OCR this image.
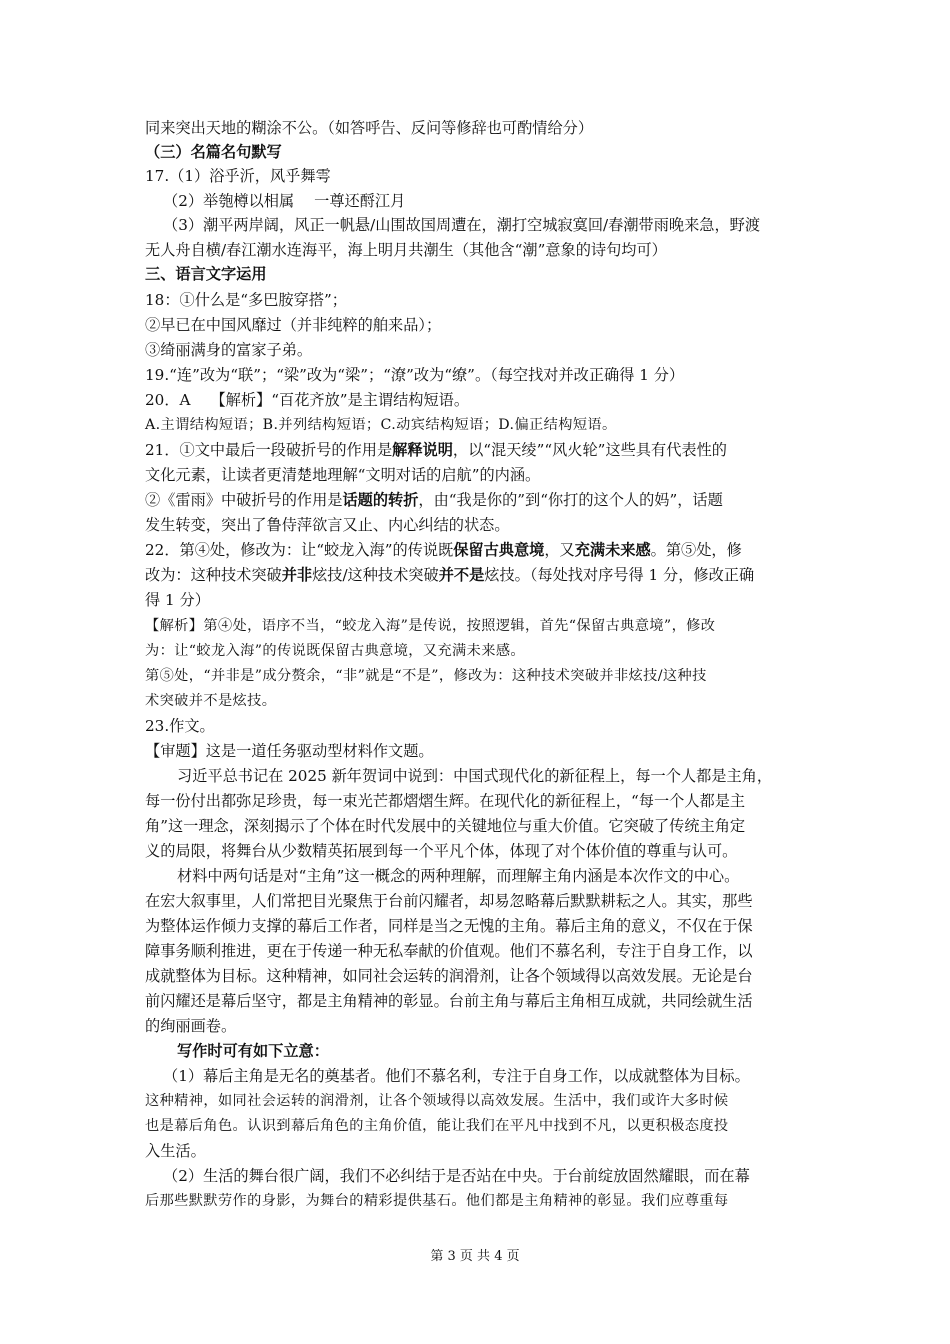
同来突出天地的糊涂不公。（如答呼告、反问等修辞也可酌情给分）
（三）名篇名句默写
17.（1）浴乎沂，风乎舞雩
（2）举匏樽以相属　 一尊还酹江月
（3）潮平两岸阔，风正一帆悬/山围故国周遭在，潮打空城寂寞回/春潮带雨晚来急，野渡
无人舟自横/春江潮水连海平，海上明月共潮生（其他含“潮”意象的诗句均可）
三、语言文字运用
18：①什么是“多巴胺穿搭”；
②早已在中国风靡过（并非纯粹的舶来品）；
③绮丽满身的富家子弟。
19.“连”改为“联”；“梁”改为“梁”；“潦”改为“缭”。（每空找对并改正确得 1 分）
20．A　 【解析】“百花齐放”是主谓结构短语。
A.主谓结构短语；B.并列结构短语；C.动宾结构短语；D.偏正结构短语。
21．①文中最后一段破折号的作用是解释说明，以“混天绫”“风火轮”这些具有代表性的
文化元素，让读者更清楚地理解“文明对话的启航”的内涵。
②《雷雨》中破折号的作用是话题的转折，由“我是你的”到“你打的这个人的妈”，话题
发生转变，突出了鲁侍萍欲言又止、内心纠结的状态。
22．第④处，修改为：让“蛟龙入海”的传说既保留古典意境，又充满未来感。第⑤处，修
改为：这种技术突破并非炫技/这种技术突破并不是炫技。（每处找对序号得 1 分，修改正确
得 1 分）
【解析】第④处，语序不当，“蛟龙入海”是传说，按照逻辑，首先“保留古典意境”，修改
为：让“蛟龙入海”的传说既保留古典意境，又充满未来感。
第⑤处，“并非是”成分赘余，“非”就是“不是”，修改为：这种技术突破并非炫技/这种技
术突破并不是炫技。
23.作文。
【审题】这是一道任务驱动型材料作文题。
习近平总书记在 2025 新年贺词中说到：中国式现代化的新征程上，每一个人都是主角，
每一份付出都弥足珍贵，每一束光芒都熠熠生辉。在现代化的新征程上，“每一个人都是主
角”这一理念，深刻揭示了个体在时代发展中的关键地位与重大价值。它突破了传统主角定
义的局限，将舞台从少数精英拓展到每一个平凡个体，体现了对个体价值的尊重与认可。
材料中两句话是对“主角”这一概念的两种理解，而理解主角内涵是本次作文的中心。
在宏大叙事里，人们常把目光聚焦于台前闪耀者，却易忽略幕后默默耕耘之人。其实，那些
为整体运作倾力支撑的幕后工作者，同样是当之无愧的主角。幕后主角的意义，不仅在于保
障事务顺利推进，更在于传递一种无私奉献的价值观。他们不慕名利，专注于自身工作，以
成就整体为目标。这种精神，如同社会运转的润滑剂，让各个领域得以高效发展。无论是台
前闪耀还是幕后坚守，都是主角精神的彰显。台前主角与幕后主角相互成就，共同绘就生活
的绚丽画卷。
写作时可有如下立意：
（1）幕后主角是无名的奠基者。他们不慕名利，专注于自身工作，以成就整体为目标。
这种精神，如同社会运转的润滑剂，让各个领域得以高效发展。生活中，我们或许大多时候
也是幕后角色。认识到幕后角色的主角价值，能让我们在平凡中找到不凡，以更积极态度投
入生活。
（2）生活的舞台很广阔，我们不必纠结于是否站在中央。于台前绽放固然耀眼，而在幕
后那些默默劳作的身影，为舞台的精彩提供基石。他们都是主角精神的彰显。我们应尊重每
第 3 页 共 4 页
